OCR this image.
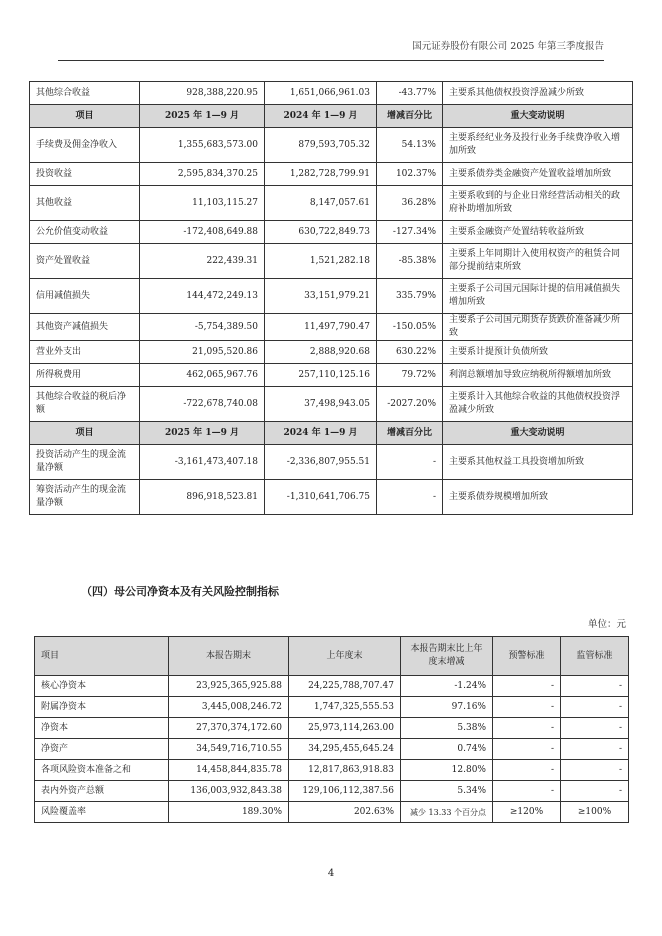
国元证券股份有限公司 2025 年第三季度报告
其他综合收益	928,388,220.95	1,651,066,961.03	-43.77%	主要系其他债权投资浮盈减少所致
项目	2025 年 1—9 月	2024 年 1—9 月	增减百分比	重大变动说明
手续费及佣金净收入	1,355,683,573.00	879,593,705.32	54.13%	主要系经纪业务及投行业务手续费净收入增加所致
投资收益	2,595,834,370.25	1,282,728,799.91	102.37%	主要系债券类金融资产处置收益增加所致
其他收益	11,103,115.27	8,147,057.61	36.28%	主要系收到的与企业日常经营活动相关的政府补助增加所致
公允价值变动收益	-172,408,649.88	630,722,849.73	-127.34%	主要系金融资产处置结转收益所致
资产处置收益	222,439.31	1,521,282.18	-85.38%	主要系上年同期计入使用权资产的租赁合同部分提前结束所致
信用减值损失	144,472,249.13	33,151,979.21	335.79%	主要系子公司国元国际计提的信用减值损失增加所致
其他资产减值损失	-5,754,389.50	11,497,790.47	-150.05%	主要系子公司国元期货存货跌价准备减少所致
营业外支出	21,095,520.86	2,888,920.68	630.22%	主要系计提预计负债所致
所得税费用	462,065,967.76	257,110,125.16	79.72%	利润总额增加导致应纳税所得额增加所致
其他综合收益的税后净额	-722,678,740.08	37,498,943.05	-2027.20%	主要系计入其他综合收益的其他债权投资浮盈减少所致
项目	2025 年 1—9 月	2024 年 1—9 月	增减百分比	重大变动说明
投资活动产生的现金流量净额	-3,161,473,407.18	-2,336,807,955.51	-	主要系其他权益工具投资增加所致
筹资活动产生的现金流量净额	896,918,523.81	-1,310,641,706.75	-	主要系债券规模增加所致
（四）母公司净资本及有关风险控制指标
单位：元
项目	本报告期末	上年度末	本报告期末比上年度末增减	预警标准	监管标准
核心净资本	23,925,365,925.88	24,225,788,707.47	-1.24%	-	-
附属净资本	3,445,008,246.72	1,747,325,555.53	97.16%	-	-
净资本	27,370,374,172.60	25,973,114,263.00	5.38%	-	-
净资产	34,549,716,710.55	34,295,455,645.24	0.74%	-	-
各项风险资本准备之和	14,458,844,835.78	12,817,863,918.83	12.80%	-	-
表内外资产总额	136,003,932,843.38	129,106,112,387.56	5.34%	-	-
风险覆盖率	189.30%	202.63%	减少 13.33 个百分点	≥120%	≥100%
4
